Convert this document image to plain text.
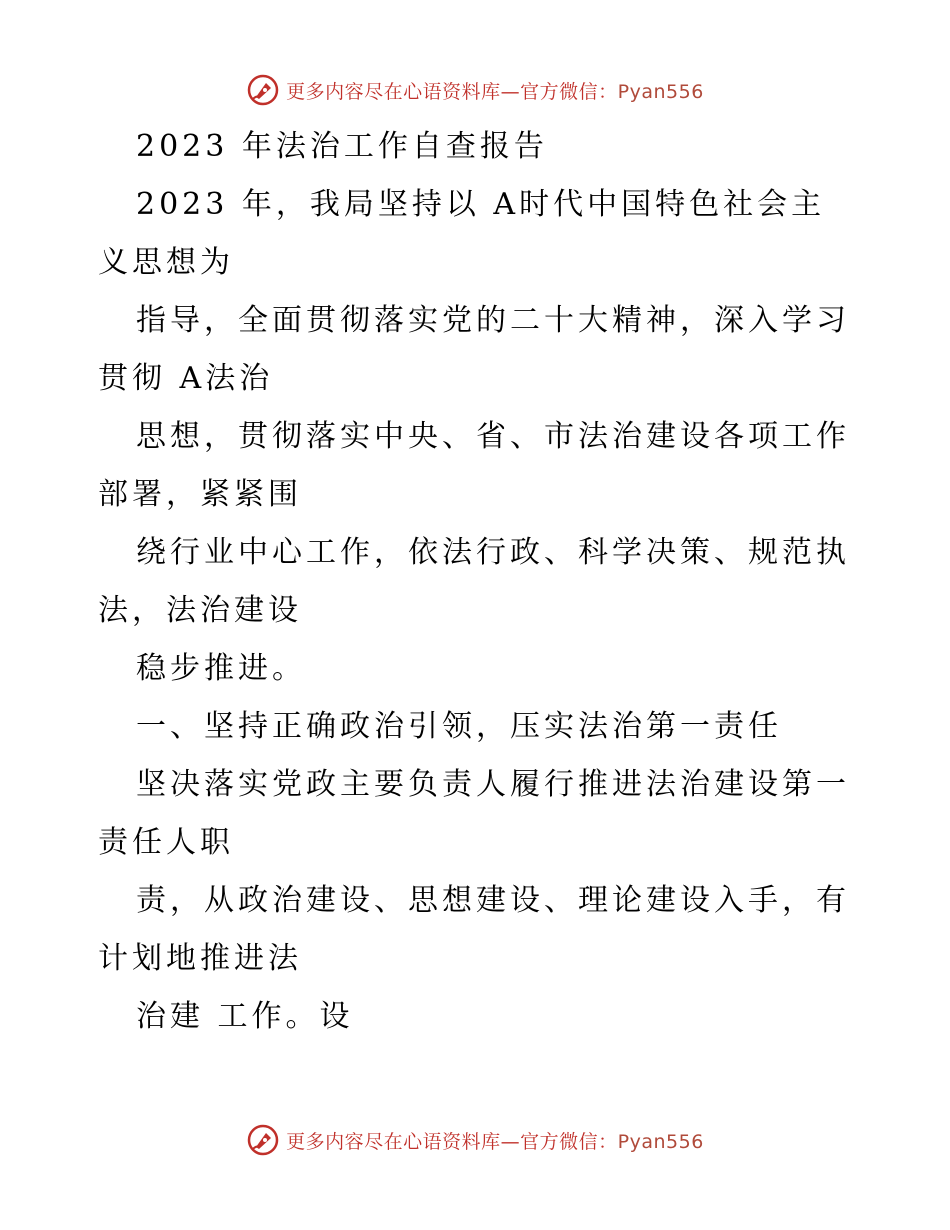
更多内容尽在心语资料库—官方微信：Pyan556

2023 年法治工作自查报告

2023 年，我局坚持以 A时代中国特色社会主义思想为

指导，全面贯彻落实党的二十大精神，深入学习贯彻 A法治

思想，贯彻落实中央、省、市法治建设各项工作部署，紧紧围

绕行业中心工作，依法行政、科学决策、规范执法，法治建设

稳步推进。

一、坚持正确政治引领，压实法治第一责任

坚决落实党政主要负责人履行推进法治建设第一责任人职

责，从政治建设、思想建设、理论建设入手，有计划地推进法

治建 工作。设

更多内容尽在心语资料库—官方微信：Pyan556
